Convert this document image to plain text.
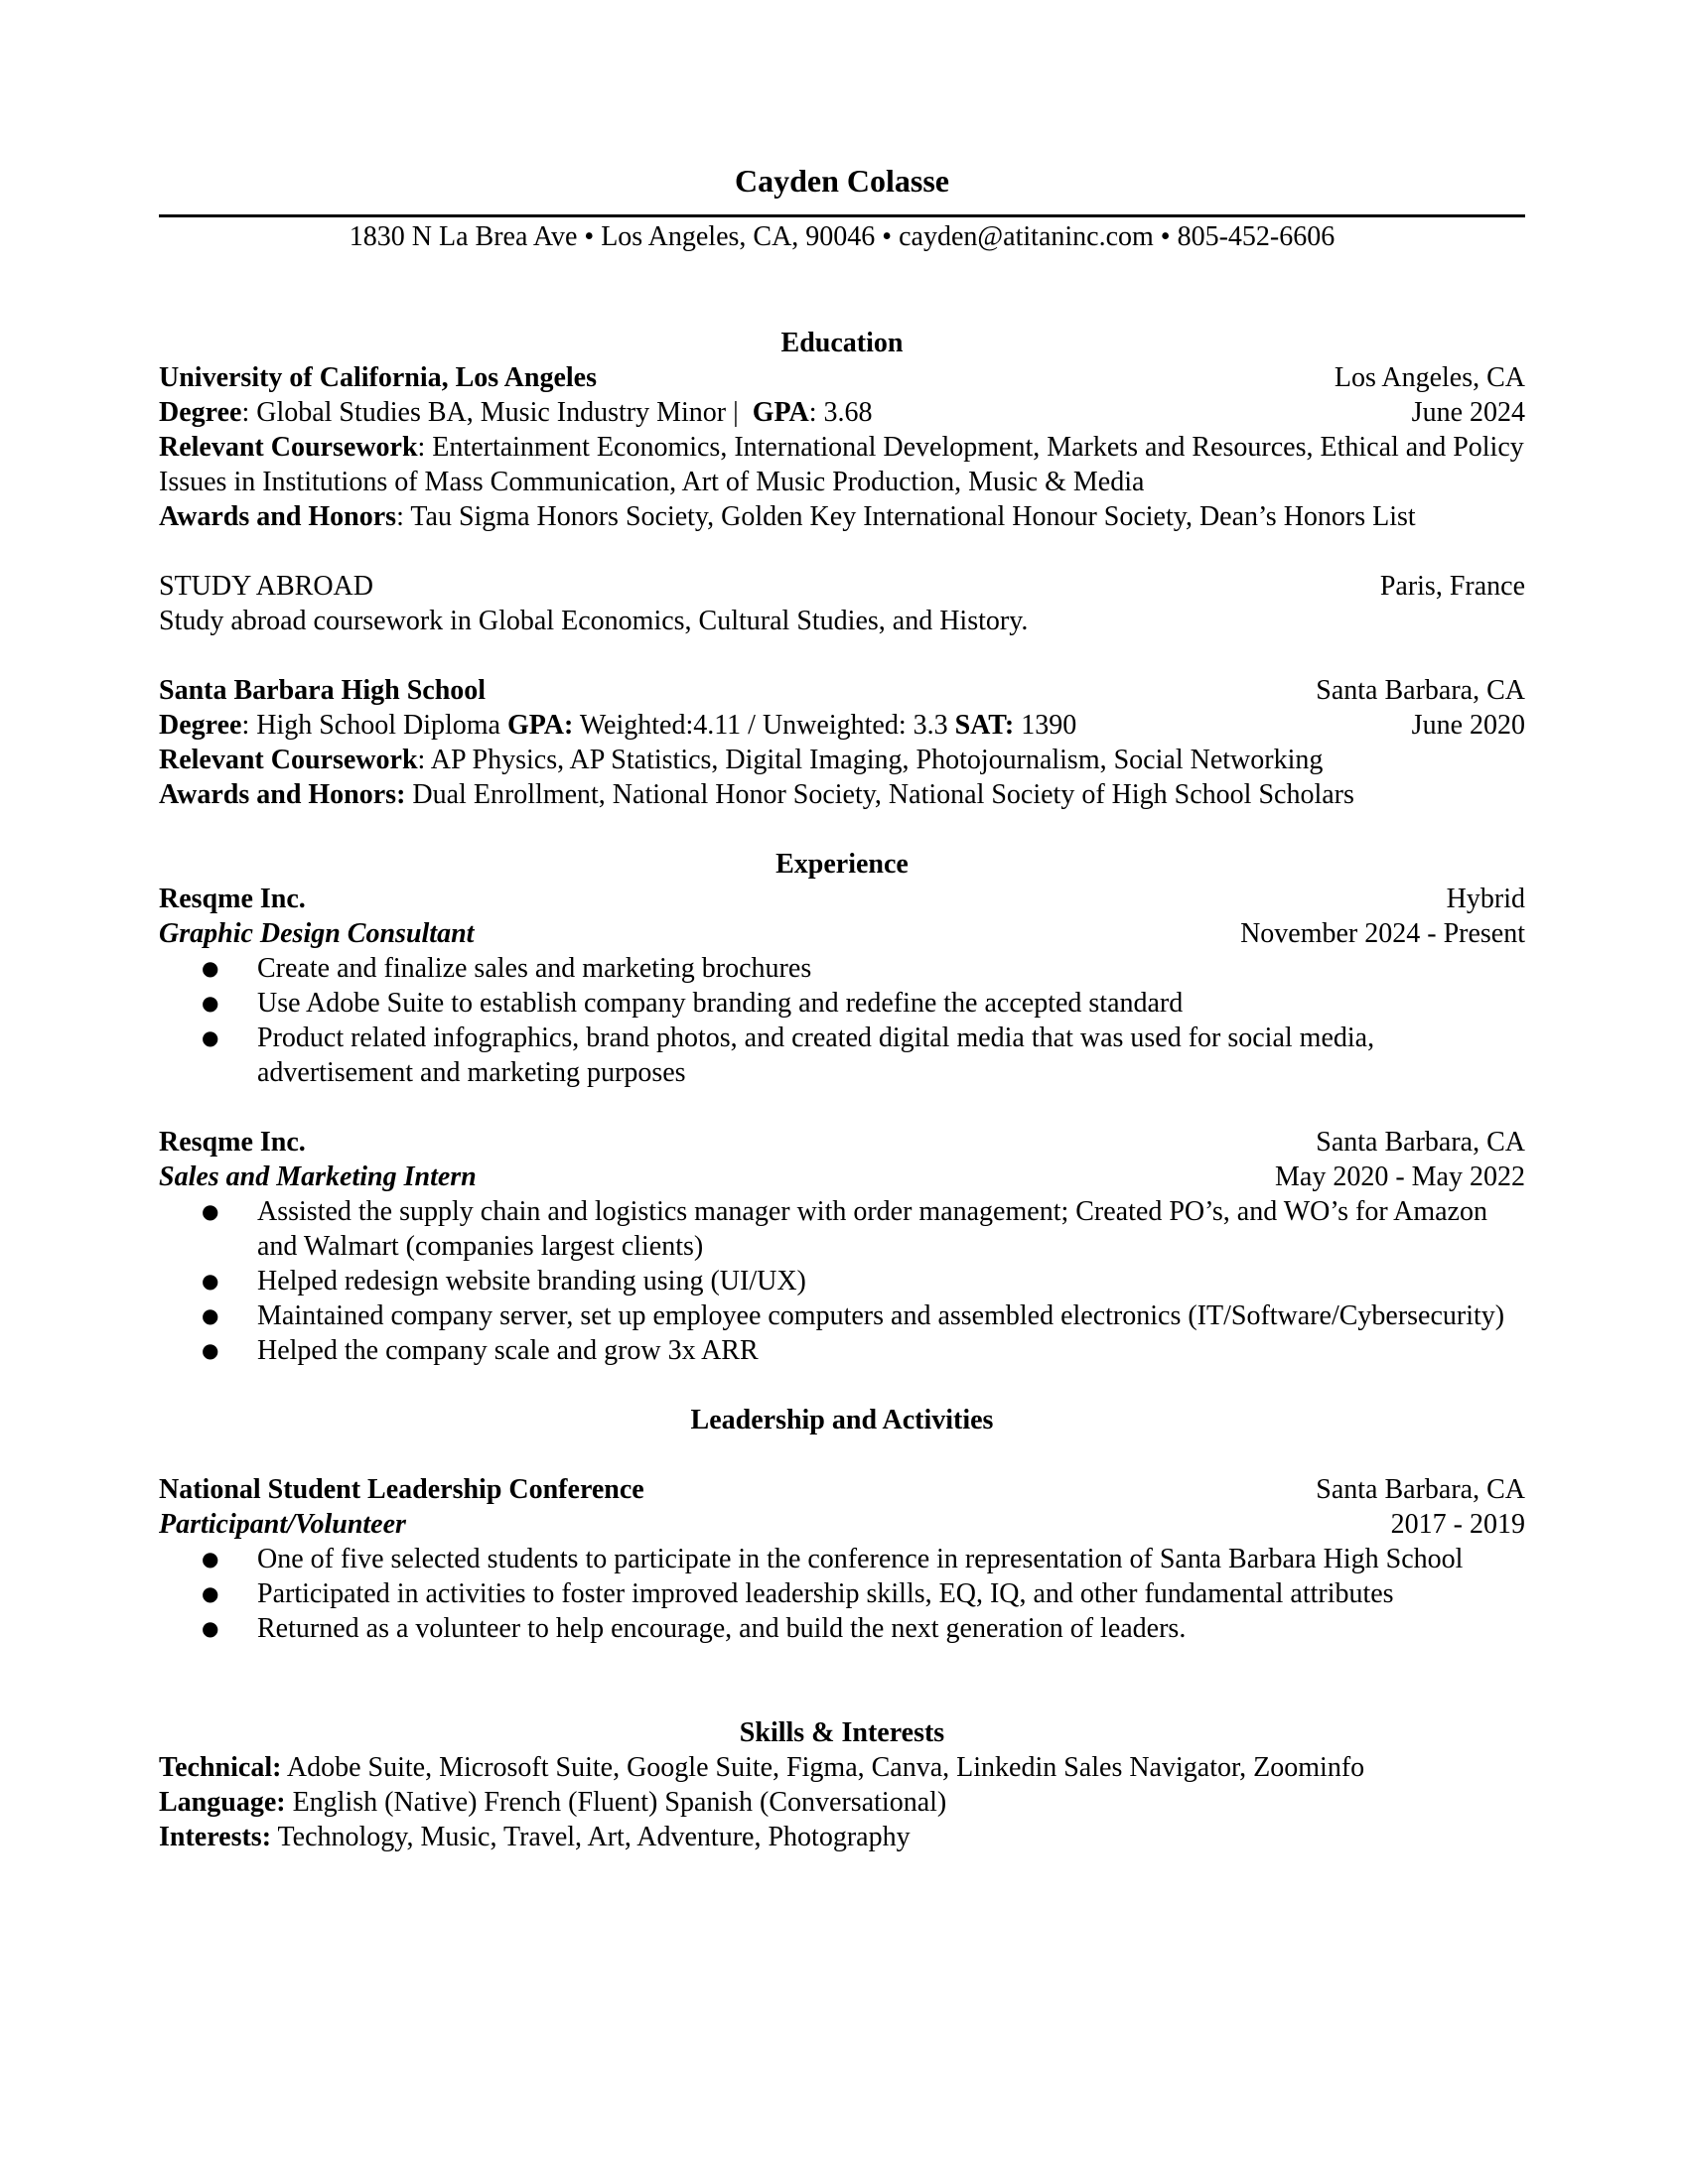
Cayden Colasse
1830 N La Brea Ave • Los Angeles, CA, 90046 • cayden@atitaninc.com • 805-452-6606
Education
University of California, Los Angeles	Los Angeles, CA
Degree: Global Studies BA, Music Industry Minor |  GPA: 3.68	June 2024
Relevant Coursework: Entertainment Economics, International Development, Markets and Resources, Ethical and Policy Issues in Institutions of Mass Communication, Art of Music Production, Music & Media
Awards and Honors: Tau Sigma Honors Society, Golden Key International Honour Society, Dean’s Honors List
STUDY ABROAD	Paris, France
Study abroad coursework in Global Economics, Cultural Studies, and History.
Santa Barbara High School	Santa Barbara, CA
Degree: High School Diploma GPA: Weighted:4.11 / Unweighted: 3.3 SAT: 1390	June 2020
Relevant Coursework: AP Physics, AP Statistics, Digital Imaging, Photojournalism, Social Networking
Awards and Honors: Dual Enrollment, National Honor Society, National Society of High School Scholars
Experience
Resqme Inc.	Hybrid
Graphic Design Consultant	November 2024 - Present
● Create and finalize sales and marketing brochures
● Use Adobe Suite to establish company branding and redefine the accepted standard
● Product related infographics, brand photos, and created digital media that was used for social media, advertisement and marketing purposes
Resqme Inc.	Santa Barbara, CA
Sales and Marketing Intern	May 2020 - May 2022
● Assisted the supply chain and logistics manager with order management; Created PO’s, and WO’s for Amazon and Walmart (companies largest clients)
● Helped redesign website branding using (UI/UX)
● Maintained company server, set up employee computers and assembled electronics (IT/Software/Cybersecurity)
● Helped the company scale and grow 3x ARR
Leadership and Activities
National Student Leadership Conference	Santa Barbara, CA
Participant/Volunteer	2017 - 2019
● One of five selected students to participate in the conference in representation of Santa Barbara High School
● Participated in activities to foster improved leadership skills, EQ, IQ, and other fundamental attributes
● Returned as a volunteer to help encourage, and build the next generation of leaders.
Skills & Interests
Technical: Adobe Suite, Microsoft Suite, Google Suite, Figma, Canva, Linkedin Sales Navigator, Zoominfo
Language: English (Native) French (Fluent) Spanish (Conversational)
Interests: Technology, Music, Travel, Art, Adventure, Photography
